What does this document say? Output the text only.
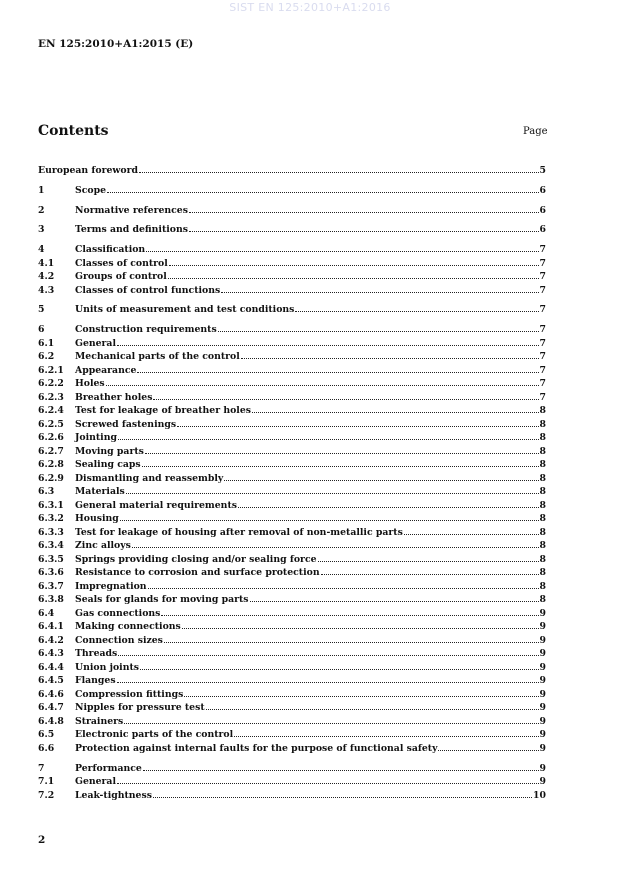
SIST EN 125:2010+A1:2016
EN 125:2010+A1:2015 (E)
Contents	Page
European foreword	5
1	Scope	6
2	Normative references	6
3	Terms and definitions	6
4	Classification	7
4.1	Classes of control	7
4.2	Groups of control	7
4.3	Classes of control functions	7
5	Units of measurement and test conditions	7
6	Construction requirements	7
6.1	General	7
6.2	Mechanical parts of the control	7
6.2.1	Appearance	7
6.2.2	Holes	7
6.2.3	Breather holes	7
6.2.4	Test for leakage of breather holes	8
6.2.5	Screwed fastenings	8
6.2.6	Jointing	8
6.2.7	Moving parts	8
6.2.8	Sealing caps	8
6.2.9	Dismantling and reassembly	8
6.3	Materials	8
6.3.1	General material requirements	8
6.3.2	Housing	8
6.3.3	Test for leakage of housing after removal of non-metallic parts	8
6.3.4	Zinc alloys	8
6.3.5	Springs providing closing and/or sealing force	8
6.3.6	Resistance to corrosion and surface protection	8
6.3.7	Impregnation	8
6.3.8	Seals for glands for moving parts	8
6.4	Gas connections	9
6.4.1	Making connections	9
6.4.2	Connection sizes	9
6.4.3	Threads	9
6.4.4	Union joints	9
6.4.5	Flanges	9
6.4.6	Compression fittings	9
6.4.7	Nipples for pressure test	9
6.4.8	Strainers	9
6.5	Electronic parts of the control	9
6.6	Protection against internal faults for the purpose of functional safety	9
7	Performance	9
7.1	General	9
7.2	Leak-tightness	10
2
